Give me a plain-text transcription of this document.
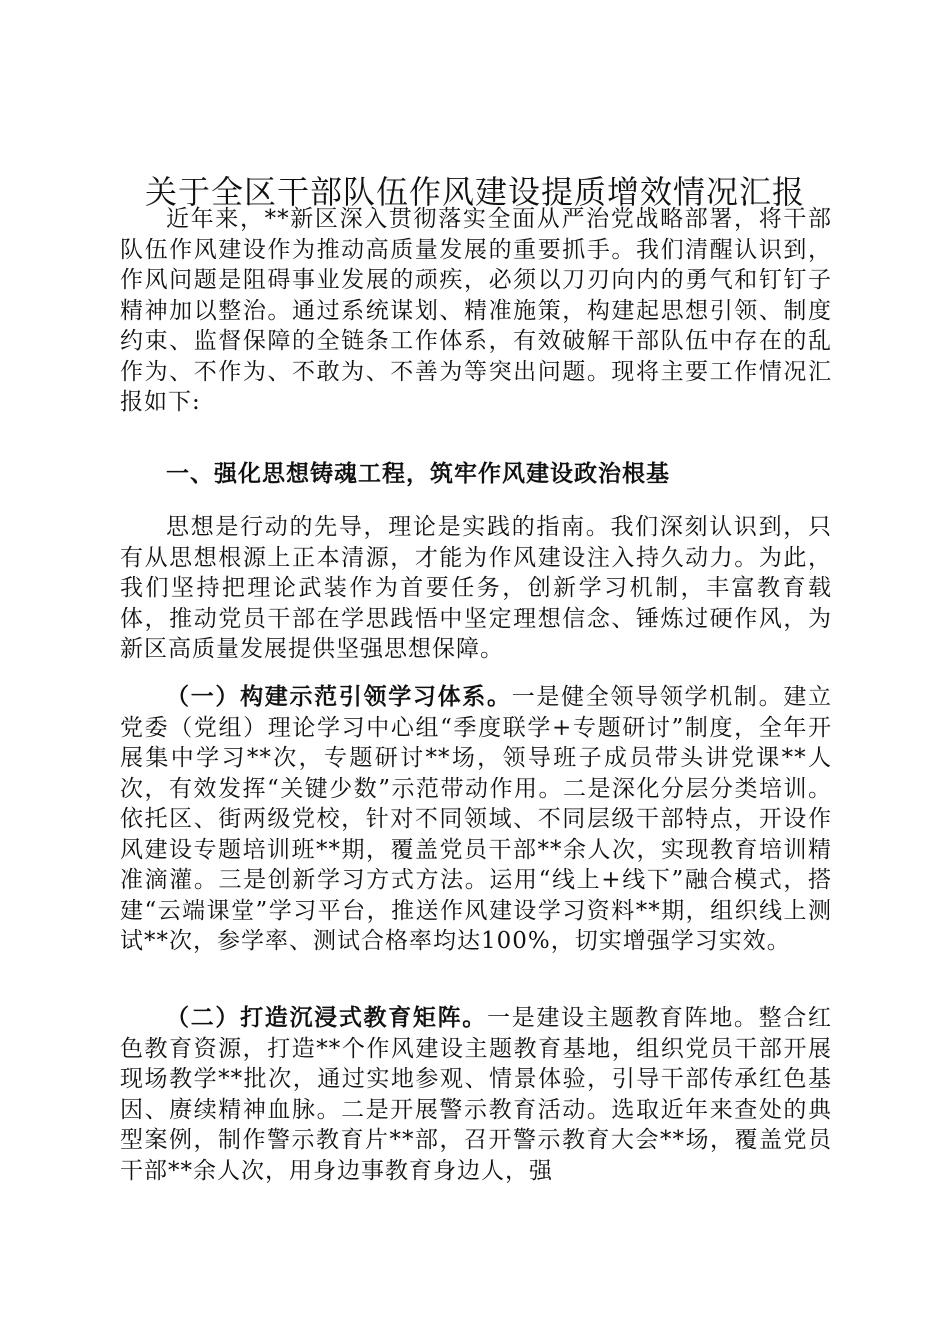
关于全区干部队伍作风建设提质增效情况汇报

近年来，**新区深入贯彻落实全面从严治党战略部署，将干部队伍作风建设作为推动高质量发展的重要抓手。我们清醒认识到，作风问题是阻碍事业发展的顽疾，必须以刀刃向内的勇气和钉钉子精神加以整治。通过系统谋划、精准施策，构建起思想引领、制度约束、监督保障的全链条工作体系，有效破解干部队伍中存在的乱作为、不作为、不敢为、不善为等突出问题。现将主要工作情况汇报如下:

一、强化思想铸魂工程，筑牢作风建设政治根基

思想是行动的先导，理论是实践的指南。我们深刻认识到，只有从思想根源上正本清源，才能为作风建设注入持久动力。为此，我们坚持把理论武装作为首要任务，创新学习机制，丰富教育载体，推动党员干部在学思践悟中坚定理想信念、锤炼过硬作风，为新区高质量发展提供坚强思想保障。

（一）构建示范引领学习体系。一是健全领导领学机制。建立党委（党组）理论学习中心组“季度联学+专题研讨”制度，全年开展集中学习**次，专题研讨**场，领导班子成员带头讲党课**人次，有效发挥“关键少数”示范带动作用。二是深化分层分类培训。依托区、街两级党校，针对不同领域、不同层级干部特点，开设作风建设专题培训班**期，覆盖党员干部**余人次，实现教育培训精准滴灌。三是创新学习方式方法。运用“线上+线下”融合模式，搭建“云端课堂”学习平台，推送作风建设学习资料**期，组织线上测试**次，参学率、测试合格率均达100%，切实增强学习实效。

（二）打造沉浸式教育矩阵。一是建设主题教育阵地。整合红色教育资源，打造**个作风建设主题教育基地，组织党员干部开展现场教学**批次，通过实地参观、情景体验，引导干部传承红色基因、赓续精神血脉。二是开展警示教育活动。选取近年来查处的典型案例，制作警示教育片**部，召开警示教育大会**场，覆盖党员干部**余人次，用身边事教育身边人，强
